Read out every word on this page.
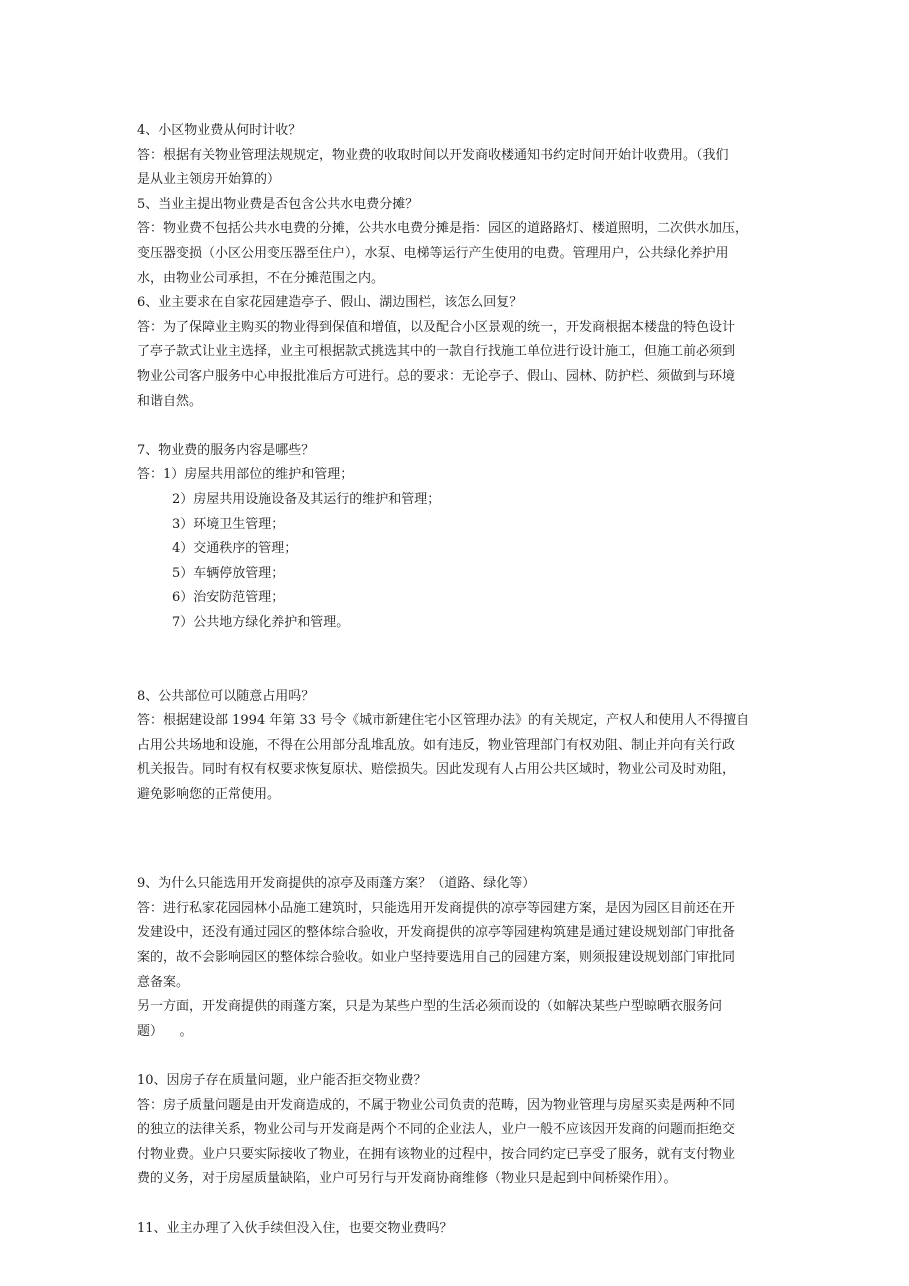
4、小区物业费从何时计收？
答：根据有关物业管理法规规定，物业费的收取时间以开发商收楼通知书约定时间开始计收费用。（我们
是从业主领房开始算的）
5、当业主提出物业费是否包含公共水电费分摊？
答：物业费不包括公共水电费的分摊，公共水电费分摊是指：园区的道路路灯、楼道照明，二次供水加压，
变压器变损（小区公用变压器至住户），水泵、电梯等运行产生使用的电费。管理用户，公共绿化养护用
水，由物业公司承担，不在分摊范围之内。
6、业主要求在自家花园建造亭子、假山、湖边围栏，该怎么回复？
答：为了保障业主购买的物业得到保值和增值，以及配合小区景观的统一，开发商根据本楼盘的特色设计
了亭子款式让业主选择，业主可根据款式挑选其中的一款自行找施工单位进行设计施工，但施工前必须到
物业公司客户服务中心申报批准后方可进行。总的要求：无论亭子、假山、园林、防护栏、须做到与环境
和谐自然。
7、物业费的服务内容是哪些？
答：1）房屋共用部位的维护和管理；
2）房屋共用设施设备及其运行的维护和管理；
3）环境卫生管理；
4）交通秩序的管理；
5）车辆停放管理；
6）治安防范管理；
7）公共地方绿化养护和管理。
8、公共部位可以随意占用吗？
答：根据建设部 1994 年第 33 号令《城市新建住宅小区管理办法》的有关规定，产权人和使用人不得擅自
占用公共场地和设施，不得在公用部分乱堆乱放。如有违反，物业管理部门有权劝阻、制止并向有关行政
机关报告。同时有权有权要求恢复原状、赔偿损失。因此发现有人占用公共区域时，物业公司及时劝阻，
避免影响您的正常使用。
9、为什么只能选用开发商提供的凉亭及雨蓬方案？（道路、绿化等）
答：进行私家花园园林小品施工建筑时，只能选用开发商提供的凉亭等园建方案，是因为园区目前还在开
发建设中，还没有通过园区的整体综合验收，开发商提供的凉亭等园建构筑建是通过建设规划部门审批备
案的，故不会影响园区的整体综合验收。如业户坚持要选用自己的园建方案，则须报建设规划部门审批同
意备案。
另一方面，开发商提供的雨蓬方案，只是为某些户型的生活必须而设的（如解决某些户型晾晒衣服务问
题）    。
10、因房子存在质量问题，业户能否拒交物业费？
答：房子质量问题是由开发商造成的，不属于物业公司负责的范畴，因为物业管理与房屋买卖是两种不同
的独立的法律关系，物业公司与开发商是两个不同的企业法人，业户一般不应该因开发商的问题而拒绝交
付物业费。业户只要实际接收了物业，在拥有该物业的过程中，按合同约定已享受了服务，就有支付物业
费的义务，对于房屋质量缺陷，业户可另行与开发商协商维修（物业只是起到中间桥梁作用）。
11、业主办理了入伙手续但没入住，也要交物业费吗？
